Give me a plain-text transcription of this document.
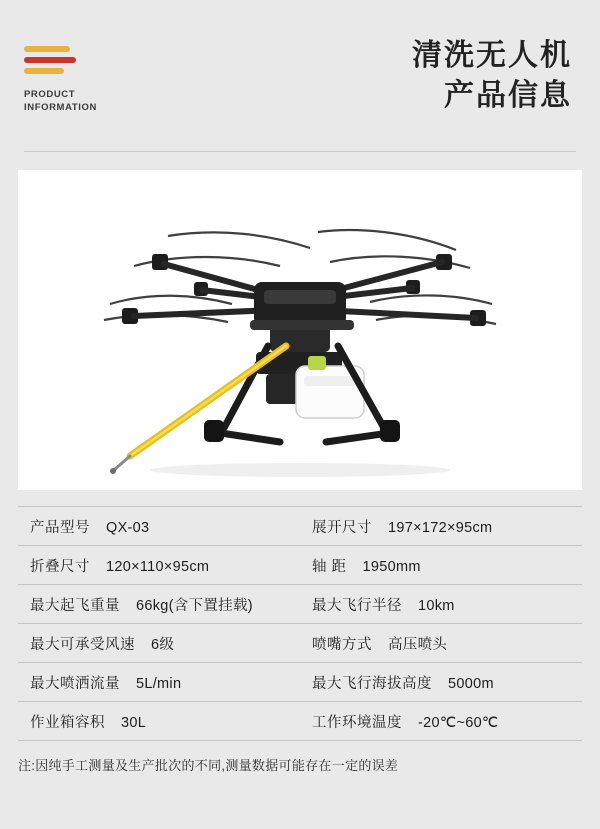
PRODUCT
INFORMATION
清洗无人机
产品信息
产品型号 QX-03	展开尺寸 197×172×95cm
折叠尺寸 120×110×95cm	轴 距 1950mm
最大起飞重量 66kg(含下置挂载)	最大飞行半径 10km
最大可承受风速 6级	喷嘴方式 高压喷头
最大喷洒流量 5L/min	最大飞行海拔高度 5000m
作业箱容积 30L	工作环境温度 -20℃~60℃
注:因纯手工测量及生产批次的不同,测量数据可能存在一定的误差
